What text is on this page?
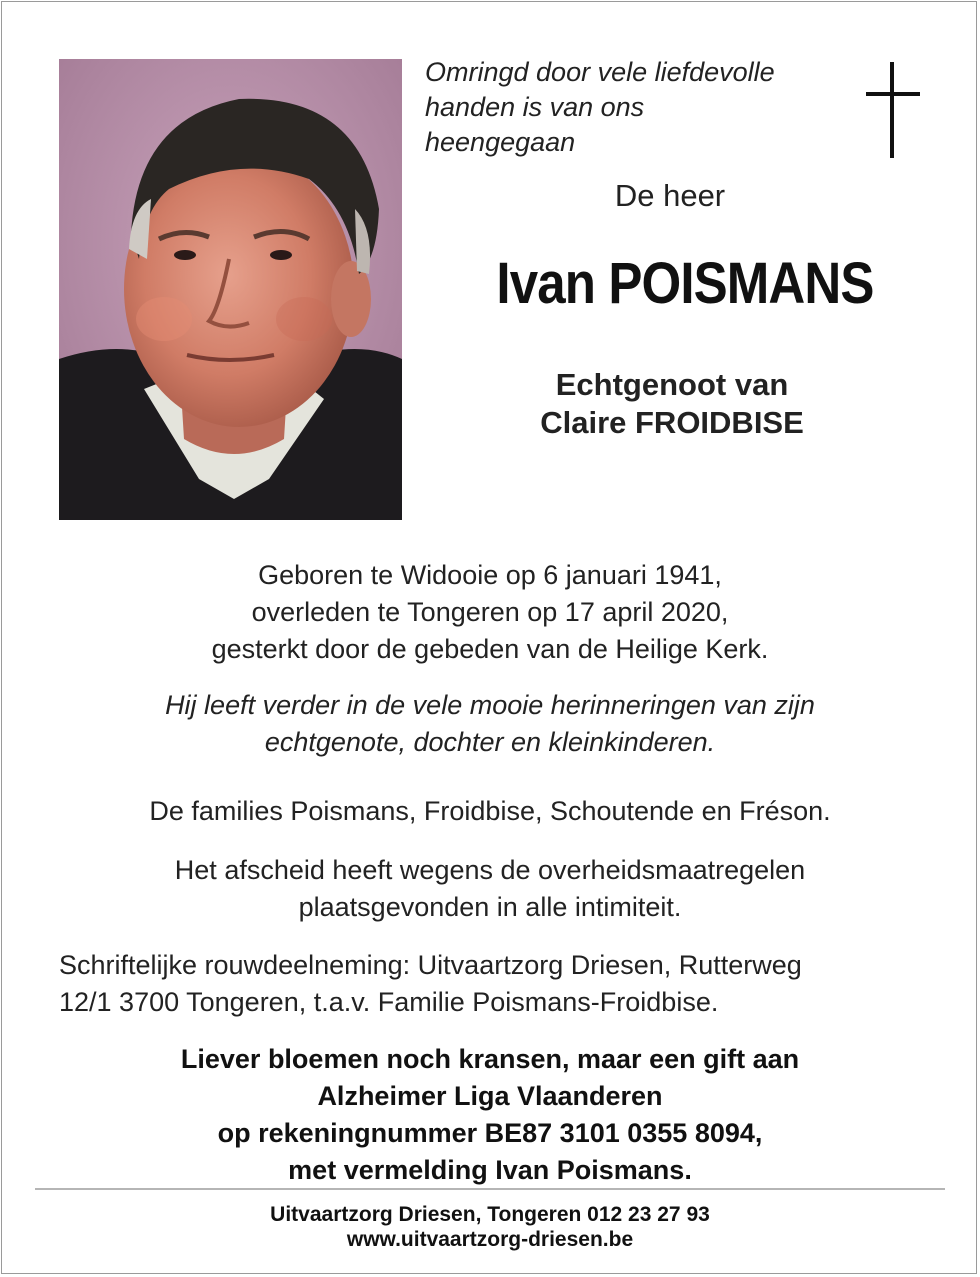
Omringd door vele liefdevolle
handen is van ons
heengegaan
De heer
Ivan POISMANS
Echtgenoot van
Claire FROIDBISE
Geboren te Widooie op 6 januari 1941,
overleden te Tongeren op 17 april 2020,
gesterkt door de gebeden van de Heilige Kerk.
Hij leeft verder in de vele mooie herinneringen van zijn
echtgenote, dochter en kleinkinderen.
De families Poismans, Froidbise, Schoutende en Fréson.
Het afscheid heeft wegens de overheidsmaatregelen
plaatsgevonden in alle intimiteit.
Schriftelijke rouwdeelneming: Uitvaartzorg Driesen, Rutterweg
12/1 3700 Tongeren, t.a.v. Familie Poismans-Froidbise.
Liever bloemen noch kransen, maar een gift aan
Alzheimer Liga Vlaanderen
op rekeningnummer BE87 3101 0355 8094,
met vermelding Ivan Poismans.
Uitvaartzorg Driesen, Tongeren 012 23 27 93
www.uitvaartzorg-driesen.be
